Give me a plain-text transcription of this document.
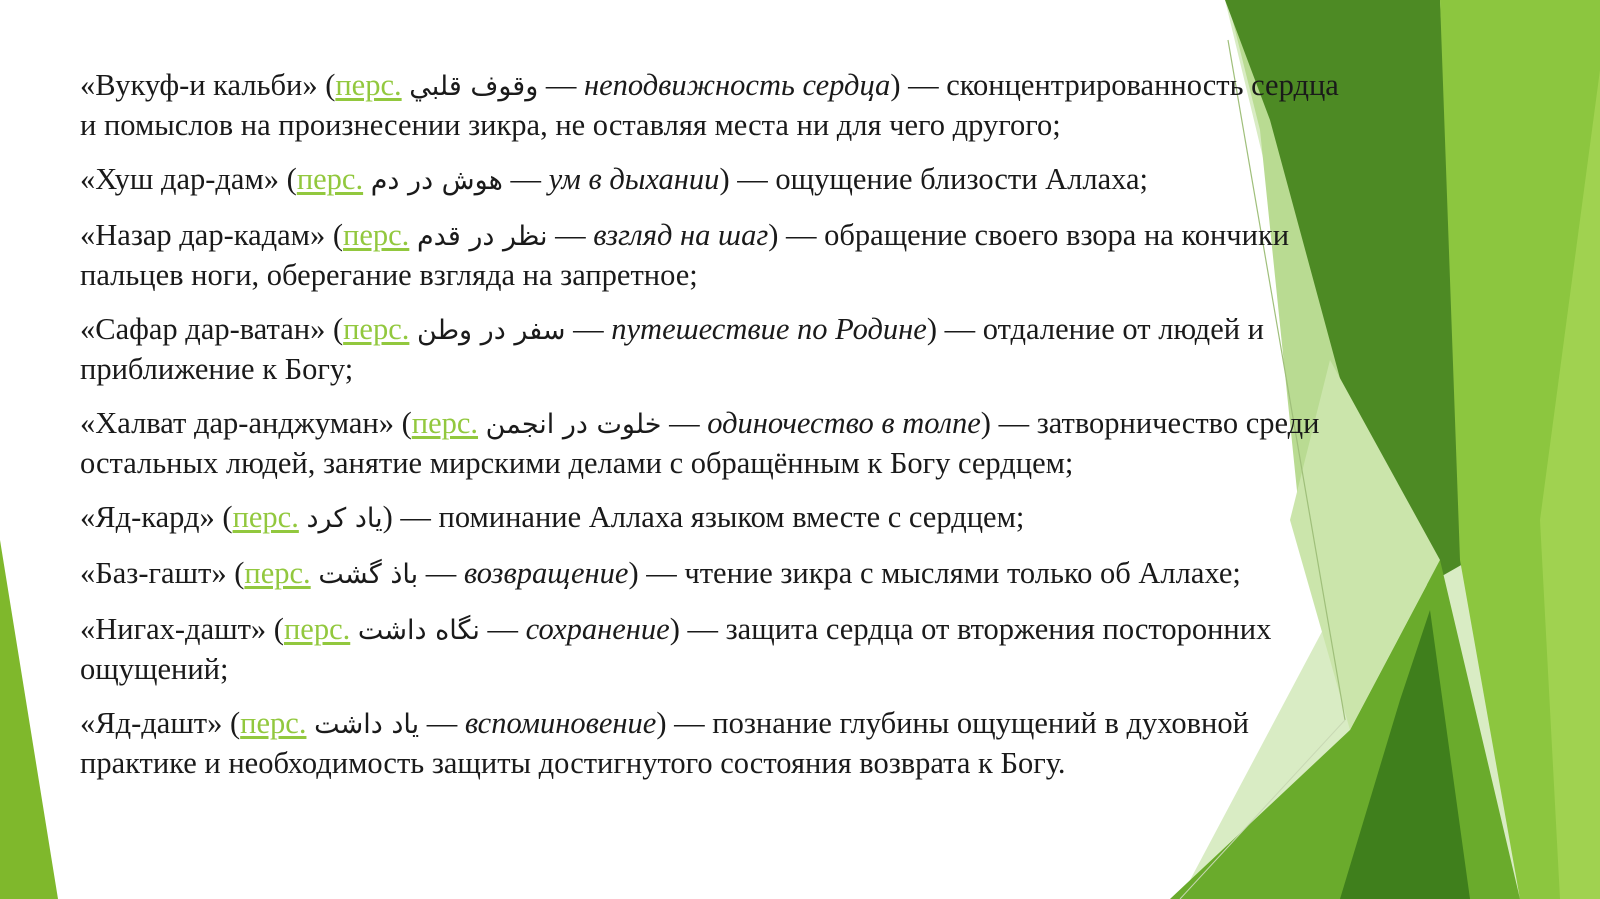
«Вукуф-и кальби» (перс. وقوف قلبي — неподвижность сердца) — сконцентрированность сердца и помыслов на произнесении зикра, не оставляя места ни для чего другого;

«Хуш дар-дам» (перс. هوش در دم — ум в дыхании) — ощущение близости Аллаха;

«Назар дар-кадам» (перс. نظر در قدم — взгляд на шаг) — обращение своего взора на кончики пальцев ноги, оберегание взгляда на запретное;

«Сафар дар-ватан» (перс. سفر در وطن — путешествие по Родине) — отдаление от людей и приближение к Богу;

«Халват дар-анджуман» (перс. خلوت در انجمن — одиночество в толпе) — затворничество среди остальных людей, занятие мирскими делами с обращённым к Богу сердцем;

«Яд-кард» (перс. ياد كرد) — поминание Аллаха языком вместе с сердцем;

«Баз-гашт» (перс. باذ گشت — возвращение) — чтение зикра с мыслями только об Аллахе;

«Нигах-дашт» (перс. نگاه داشت — сохранение) — защита сердца от вторжения посторонних ощущений;

«Яд-дашт» (перс. ياد داشت — вспоминовение) — познание глубины ощущений в духовной практике и необходимость защиты достигнутого состояния возврата к Богу.
